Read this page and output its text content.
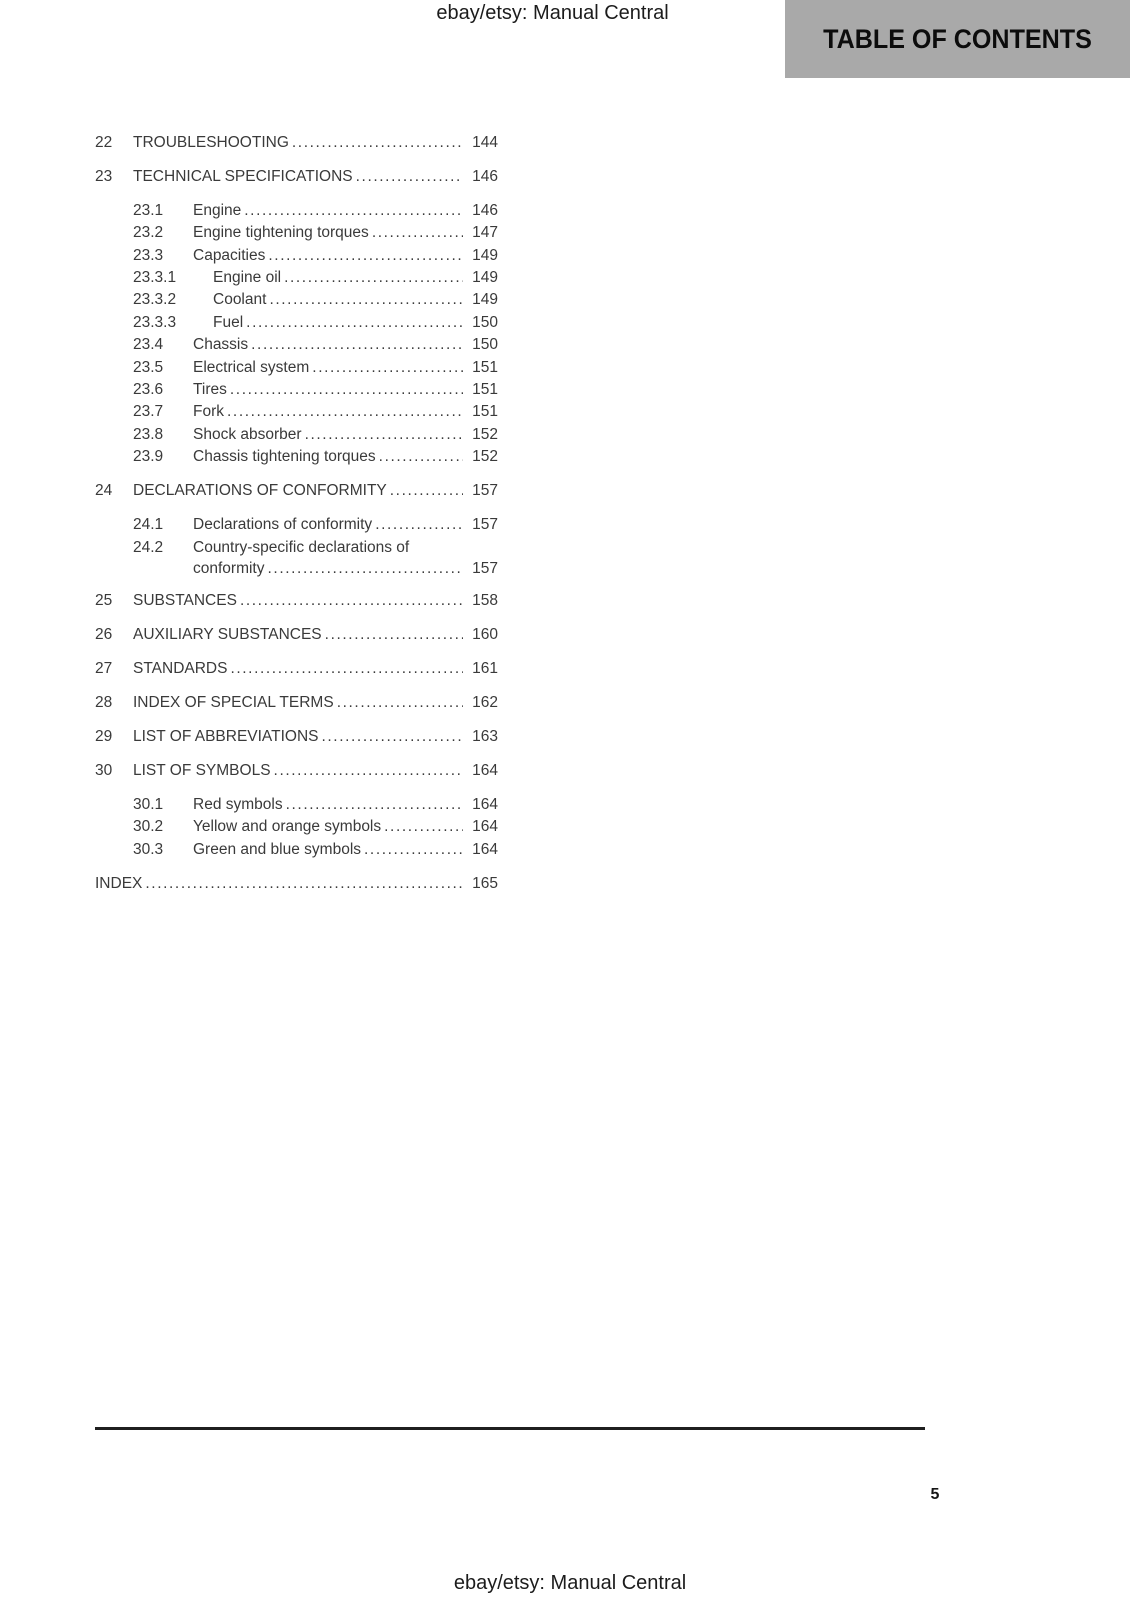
ebay/etsy: Manual Central
TABLE OF CONTENTS
22	TROUBLESHOOTING .....	144
23	TECHNICAL SPECIFICATIONS .....	146
23.1	Engine .....	146
23.2	Engine tightening torques .....	147
23.3	Capacities .....	149
23.3.1	Engine oil .....	149
23.3.2	Coolant .....	149
23.3.3	Fuel .....	150
23.4	Chassis .....	150
23.5	Electrical system .....	151
23.6	Tires .....	151
23.7	Fork .....	151
23.8	Shock absorber .....	152
23.9	Chassis tightening torques .....	152
24	DECLARATIONS OF CONFORMITY .....	157
24.1	Declarations of conformity .....	157
24.2	Country-specific declarations of
conformity .....	157
25	SUBSTANCES .....	158
26	AUXILIARY SUBSTANCES .....	160
27	STANDARDS .....	161
28	INDEX OF SPECIAL TERMS .....	162
29	LIST OF ABBREVIATIONS .....	163
30	LIST OF SYMBOLS .....	164
30.1	Red symbols .....	164
30.2	Yellow and orange symbols .....	164
30.3	Green and blue symbols .....	164
INDEX .....	165
5
ebay/etsy: Manual Central
